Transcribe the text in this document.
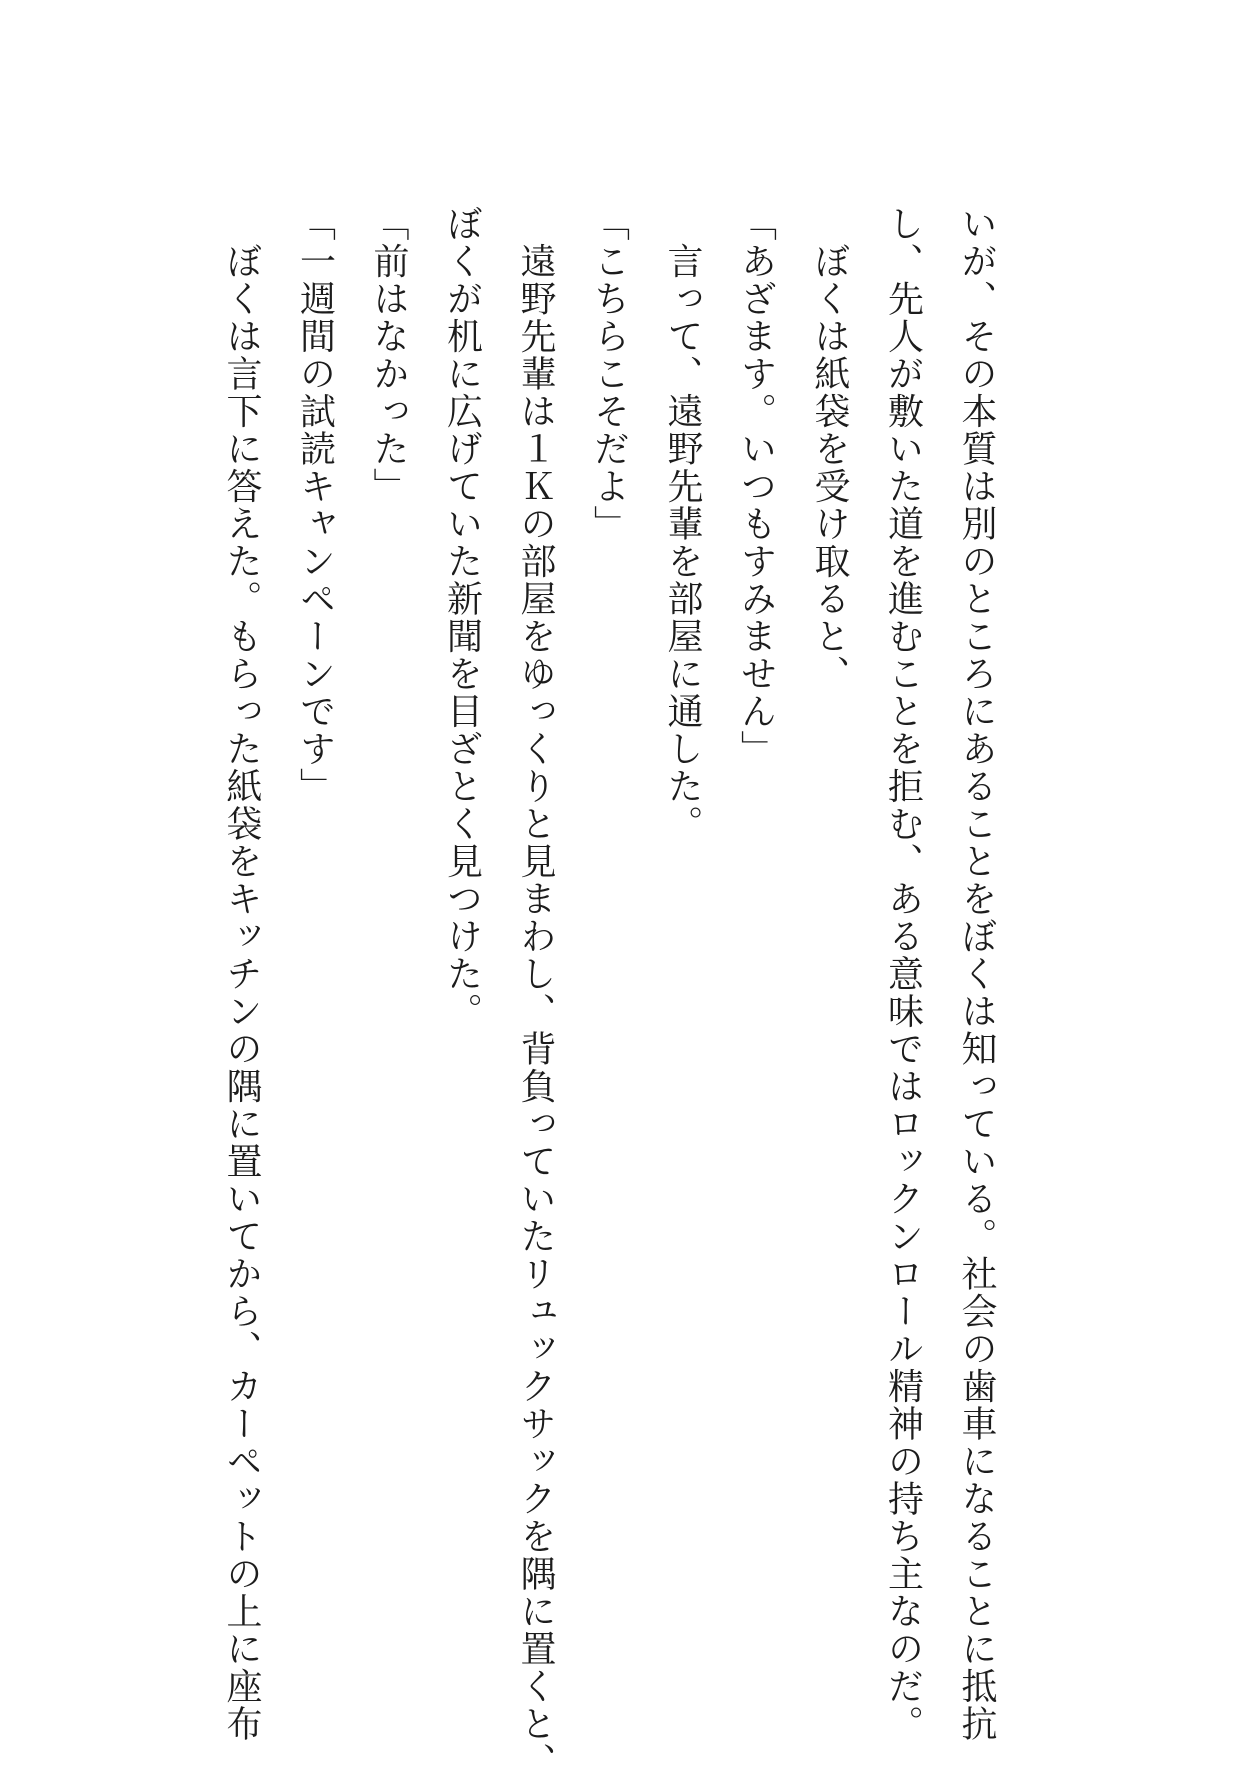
いが、その本質は別のところにあることをぼくは知っている。社会の歯車になることに抵抗
し、先人が敷いた道を進むことを拒む、ある意味ではロックンロール精神の持ち主なのだ。
　ぼくは紙袋を受け取ると、
「あざます。いつもすみません」
　言って、遠野先輩を部屋に通した。
「こちらこそだよ」
　遠野先輩は１Ｋの部屋をゆっくりと見まわし、背負っていたリュックサックを隅に置くと、
ぼくが机に広げていた新聞を目ざとく見つけた。
「前はなかった」
「一週間の試読キャンペーンです」
　ぼくは言下に答えた。もらった紙袋をキッチンの隅に置いてから、カーペットの上に座布
